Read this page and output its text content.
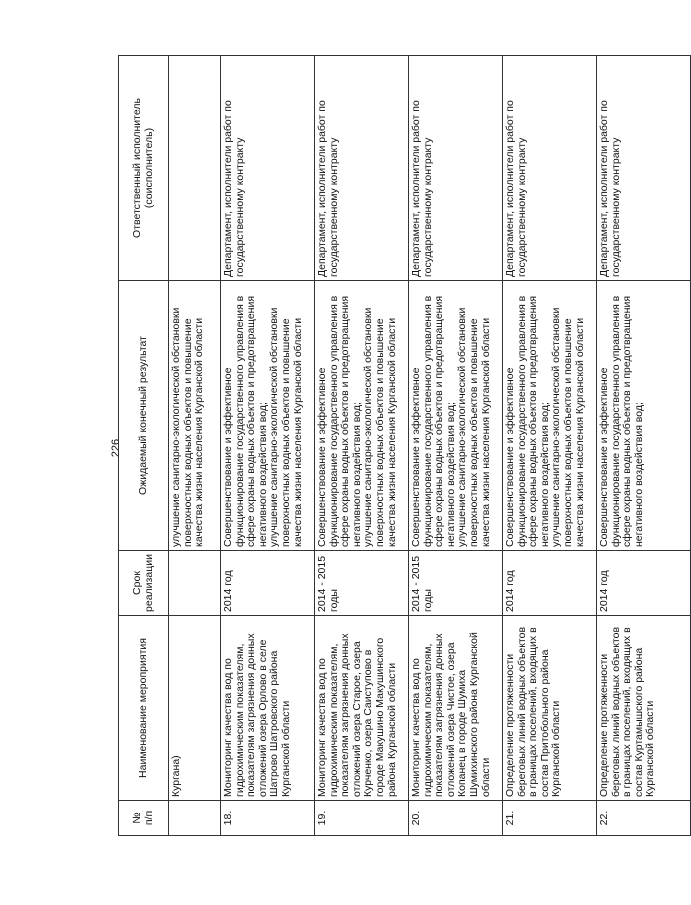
226
№
п/п	Наименование мероприятия	Срок
реализации	Ожидаемый конечный результат	Ответственный исполнитель
(соисполнитель)
	Кургана)		улучшение санитарно-экологической обстановки поверхностных водных объектов и повышение качества жизни населения Курганской области	
18.	Мониторинг качества вод по гидрохимическим показателям, показателям загрязнения донных отложений озера Орлово в селе Шатрово Шатровского района Курганской области	2014 год	Совершенствование и эффективное функционирование государственного управления в сфере охраны водных объектов и предотвращения негативного воздействия вод;
улучшение санитарно-экологической обстановки поверхностных водных объектов и повышение качества жизни населения Курганской области	Департамент, исполнители работ по государственному контракту
19.	Мониторинг качества вод по гидрохимическим показателям, показателям загрязнения донных отложений озера Старое, озера Курченко, озера Саиступово в городе Макушино Макушинского района Курганской области	2014 - 2015 годы	Совершенствование и эффективное функционирование государственного управления в сфере охраны водных объектов и предотвращения негативного воздействия вод;
улучшение санитарно-экологической обстановки поверхностных водных объектов и повышение качества жизни населения Курганской области	Департамент, исполнители работ по государственному контракту
20.	Мониторинг качества вод по гидрохимическим показателям, показателям загрязнения донных отложений озера Чистое, озера Копанец в городе Шумиха Шумихинского района Курганской области	2014 - 2015 годы	Совершенствование и эффективное функционирование государственного управления в сфере охраны водных объектов и предотвращения негативного воздействия вод;
улучшение санитарно-экологической обстановки поверхностных водных объектов и повышение качества жизни населения Курганской области	Департамент, исполнители работ по государственному контракту
21.	Определение протяженности береговых линий водных объектов в границах поселений, входящих в состав Притобольного района Курганской области	2014 год	Совершенствование и эффективное функционирование государственного управления в сфере охраны водных объектов и предотвращения негативного воздействия вод;
улучшение санитарно-экологической обстановки поверхностных водных объектов и повышение качества жизни населения Курганской области	Департамент, исполнители работ по государственному контракту
22.	Определение протяженности береговых линий водных объектов в границах поселений, входящих в состав Куртамышского района Курганской области	2014 год	Совершенствование и эффективное функционирование государственного управления в сфере охраны водных объектов и предотвращения негативного воздействия вод;	Департамент, исполнители работ по государственному контракту
